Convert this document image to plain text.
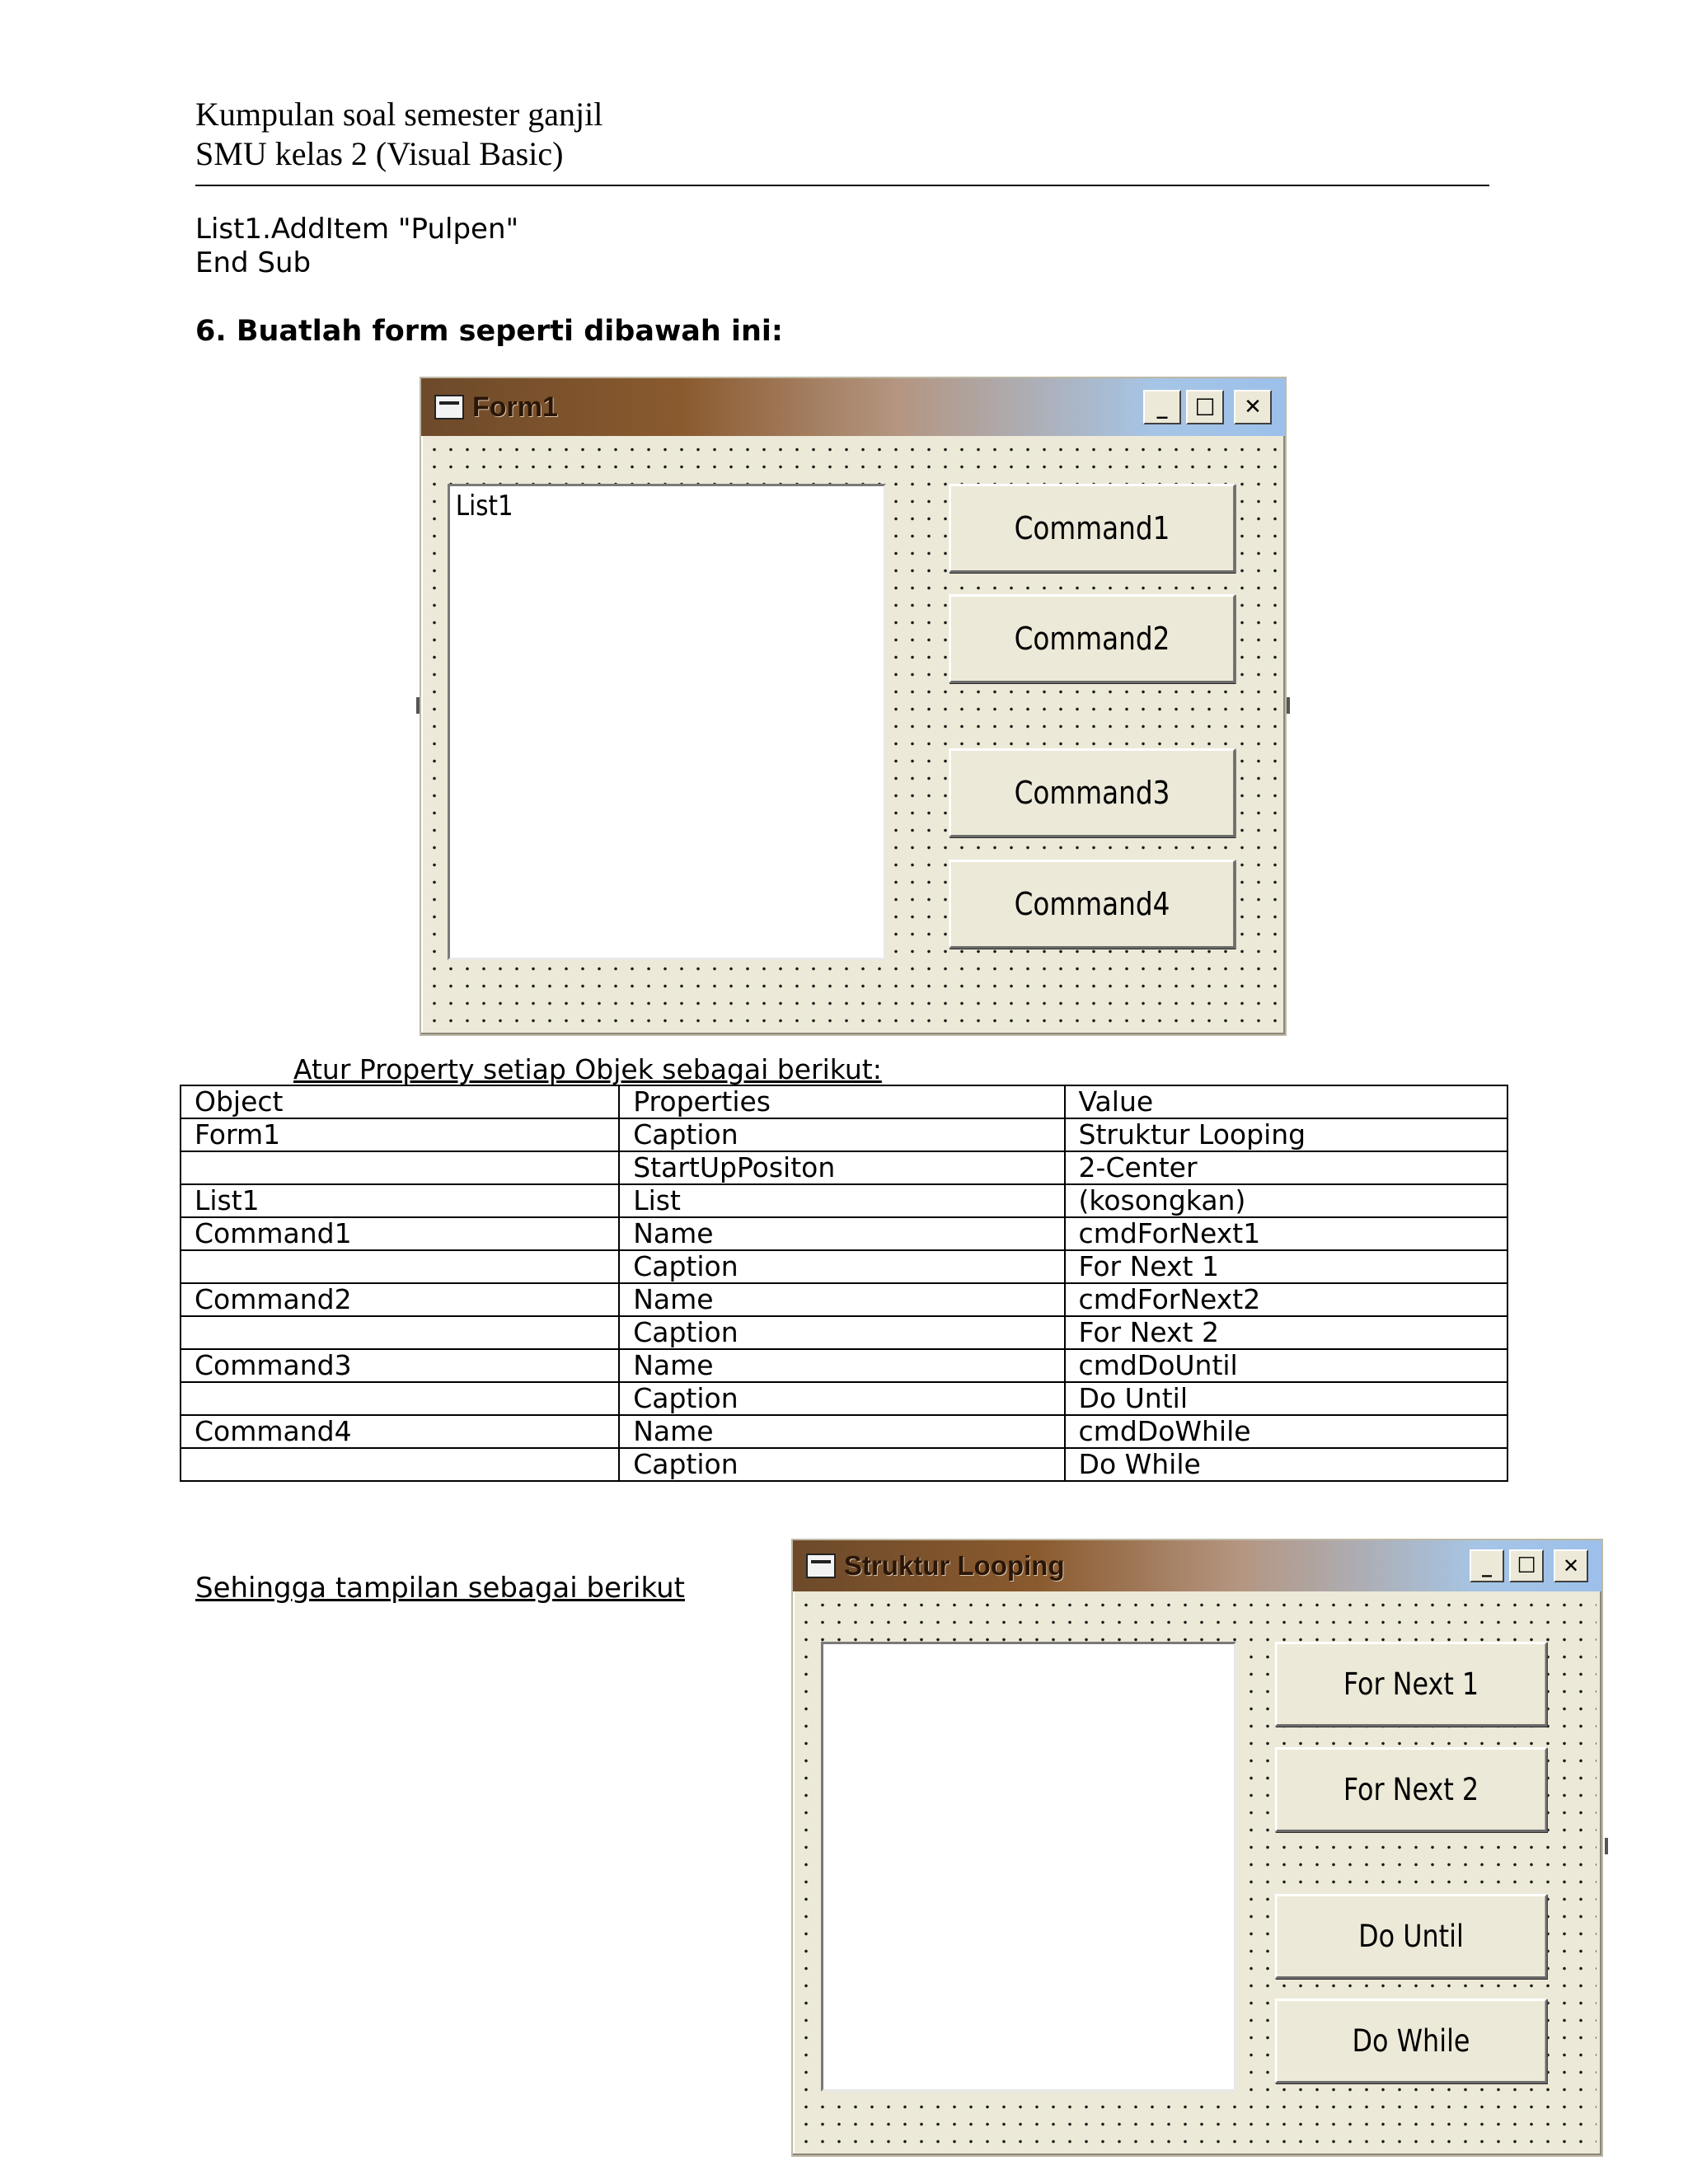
Kumpulan soal semester ganjil
SMU kelas 2 (Visual Basic)
List1.AddItem "Pulpen"
End Sub
6. Buatlah form seperti dibawah ini:
Form1	_ ☐ ✕
List1
Command1
Command2
Command3
Command4
Atur Property setiap Objek sebagai berikut:
Object	Properties	Value
Form1	Caption	Struktur Looping
	StartUpPositon	2-Center
List1	List	(kosongkan)
Command1	Name	cmdForNext1
	Caption	For Next 1
Command2	Name	cmdForNext2
	Caption	For Next 2
Command3	Name	cmdDoUntil
	Caption	Do Until
Command4	Name	cmdDoWhile
	Caption	Do While
Sehingga tampilan sebagai berikut
Struktur Looping	_ ☐ ✕
For Next 1
For Next 2
Do Until
Do While
